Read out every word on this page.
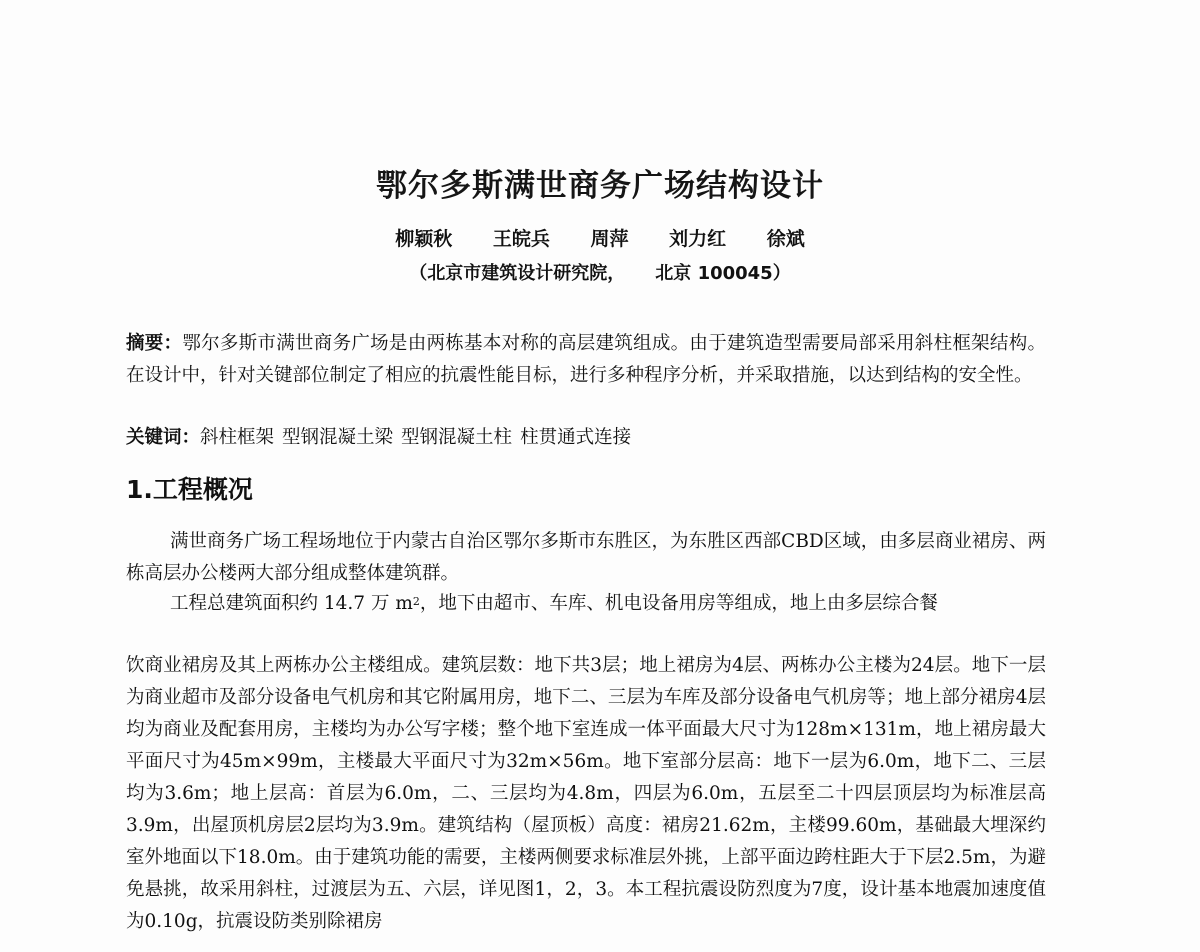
鄂尔多斯满世商务广场结构设计
柳颖秋 王皖兵 周萍 刘力红 徐斌
（北京市建筑设计研究院， 北京 100045）
摘要：鄂尔多斯市满世商务广场是由两栋基本对称的高层建筑组成。由于建筑造型需要局部采用斜柱框架结构。在设计中，针对关键部位制定了相应的抗震性能目标，进行多种程序分析，并采取措施，以达到结构的安全性。
关键词：斜柱框架 型钢混凝土梁 型钢混凝土柱 柱贯通式连接
1.工程概况
满世商务广场工程场地位于内蒙古自治区鄂尔多斯市东胜区，为东胜区西部CBD区域，由多层商业裙房、两栋高层办公楼两大部分组成整体建筑群。
工程总建筑面积约 14.7 万 $m^2$，地下由超市、车库、机电设备用房等组成，地上由多层综合餐
饮商业裙房及其上两栋办公主楼组成。建筑层数：地下共3层；地上裙房为4层、两栋办公主楼为24层。地下一层为商业超市及部分设备电气机房和其它附属用房，地下二、三层为车库及部分设备电气机房等；地上部分裙房4层均为商业及配套用房，主楼均为办公写字楼；整个地下室连成一体平面最大尺寸为128m×131m，地上裙房最大平面尺寸为45m×99m，主楼最大平面尺寸为32m×56m。地下室部分层高：地下一层为6.0m，地下二、三层均为3.6m；地上层高：首层为6.0m，二、三层均为4.8m，四层为6.0m，五层至二十四层顶层均为标准层高3.9m，出屋顶机房层2层均为3.9m。建筑结构（屋顶板）高度：裙房21.62m，主楼99.60m，基础最大埋深约室外地面以下18.0m。由于建筑功能的需要，主楼两侧要求标准层外挑，上部平面边跨柱距大于下层2.5m，为避免悬挑，故采用斜柱，过渡层为五、六层，详见图1，2，3。本工程抗震设防烈度为7度，设计基本地震加速度值为0.10g，抗震设防类别除裙房
